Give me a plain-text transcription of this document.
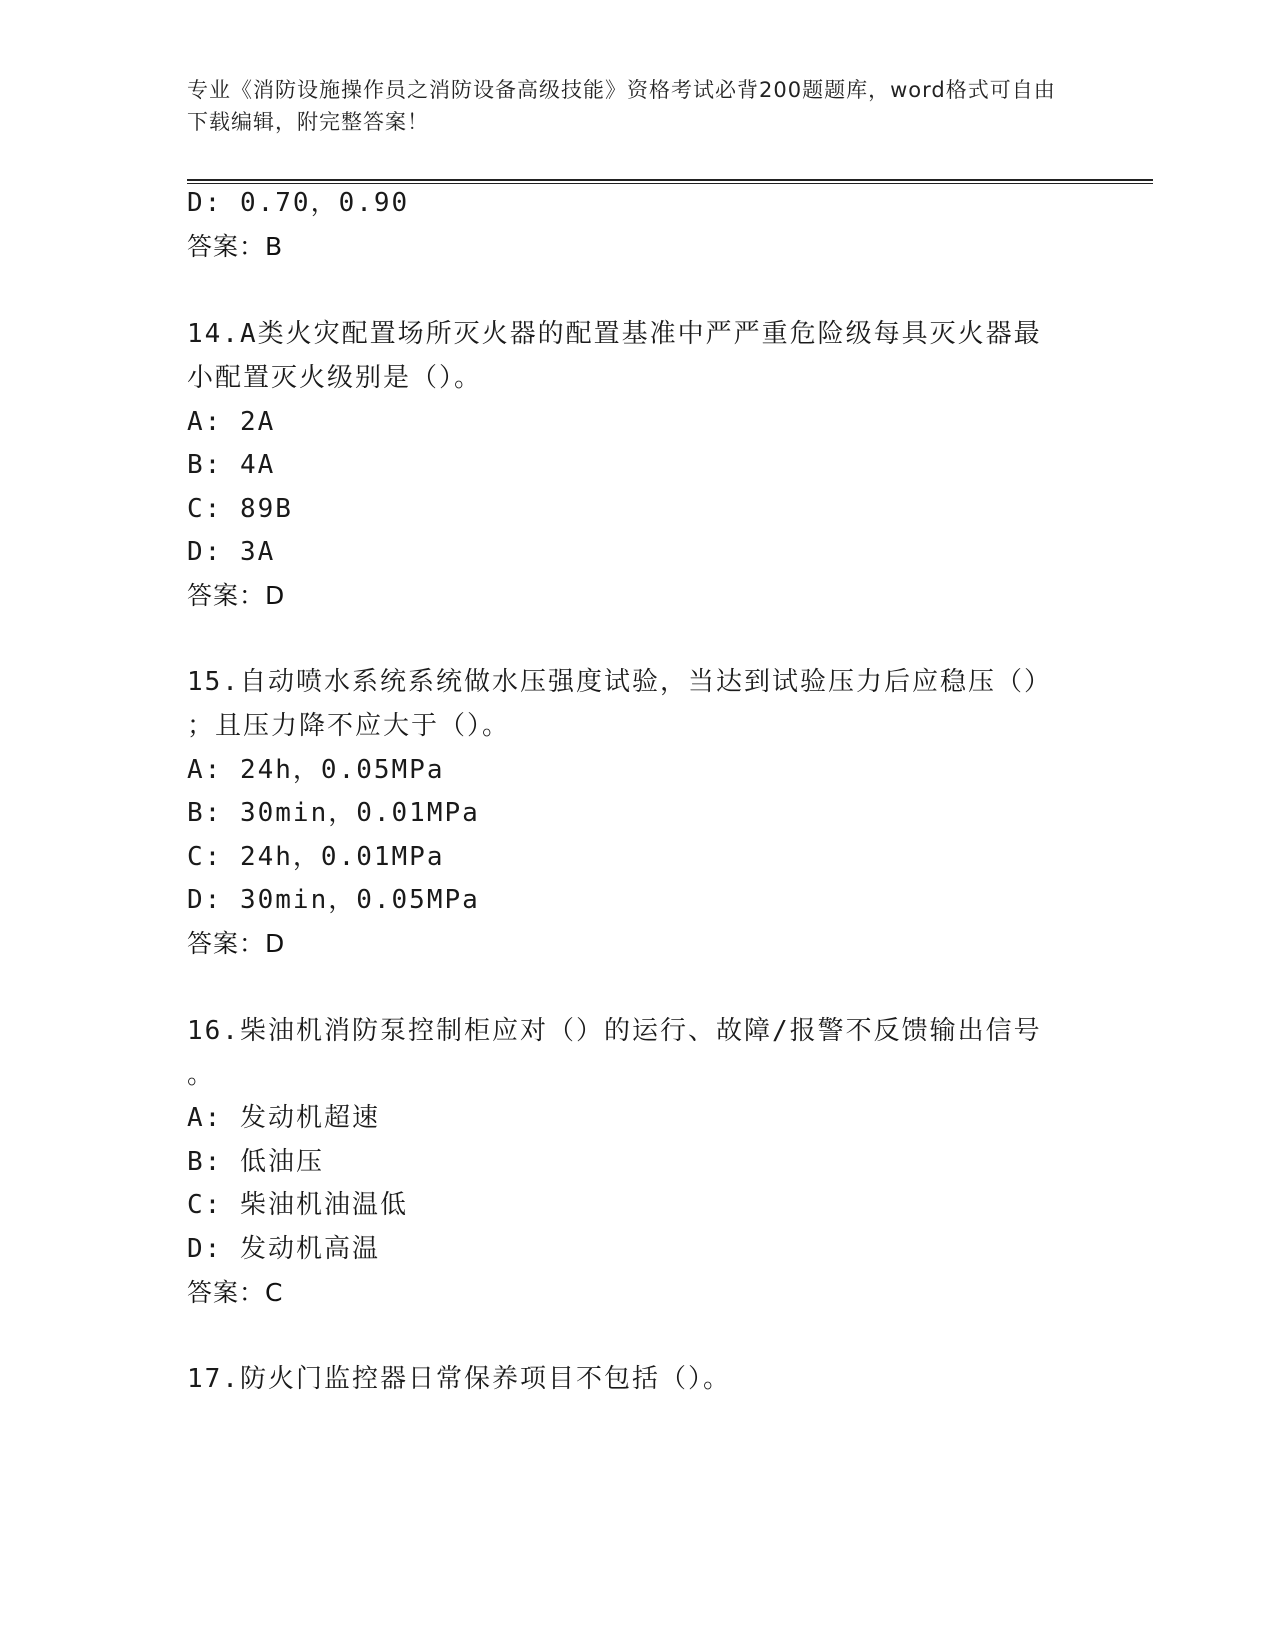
专业《消防设施操作员之消防设备高级技能》资格考试必背200题题库，word格式可自由下载编辑，附完整答案！
D: 0.70，0.90
答案：B
14.A类火灾配置场所灭火器的配置基准中严严重危险级每具灭火器最
小配置灭火级别是（）。
A: 2A
B: 4A
C: 89B
D: 3A
答案：D
15.自动喷水系统系统做水压强度试验，当达到试验压力后应稳压（）
；且压力降不应大于（）。
A: 24h，0.05MPa
B: 30min，0.01MPa
C: 24h，0.01MPa
D: 30min，0.05MPa
答案：D
16.柴油机消防泵控制柜应对（）的运行、故障/报警不反馈输出信号
。
A: 发动机超速
B: 低油压
C: 柴油机油温低
D: 发动机高温
答案：C
17.防火门监控器日常保养项目不包括（）。
